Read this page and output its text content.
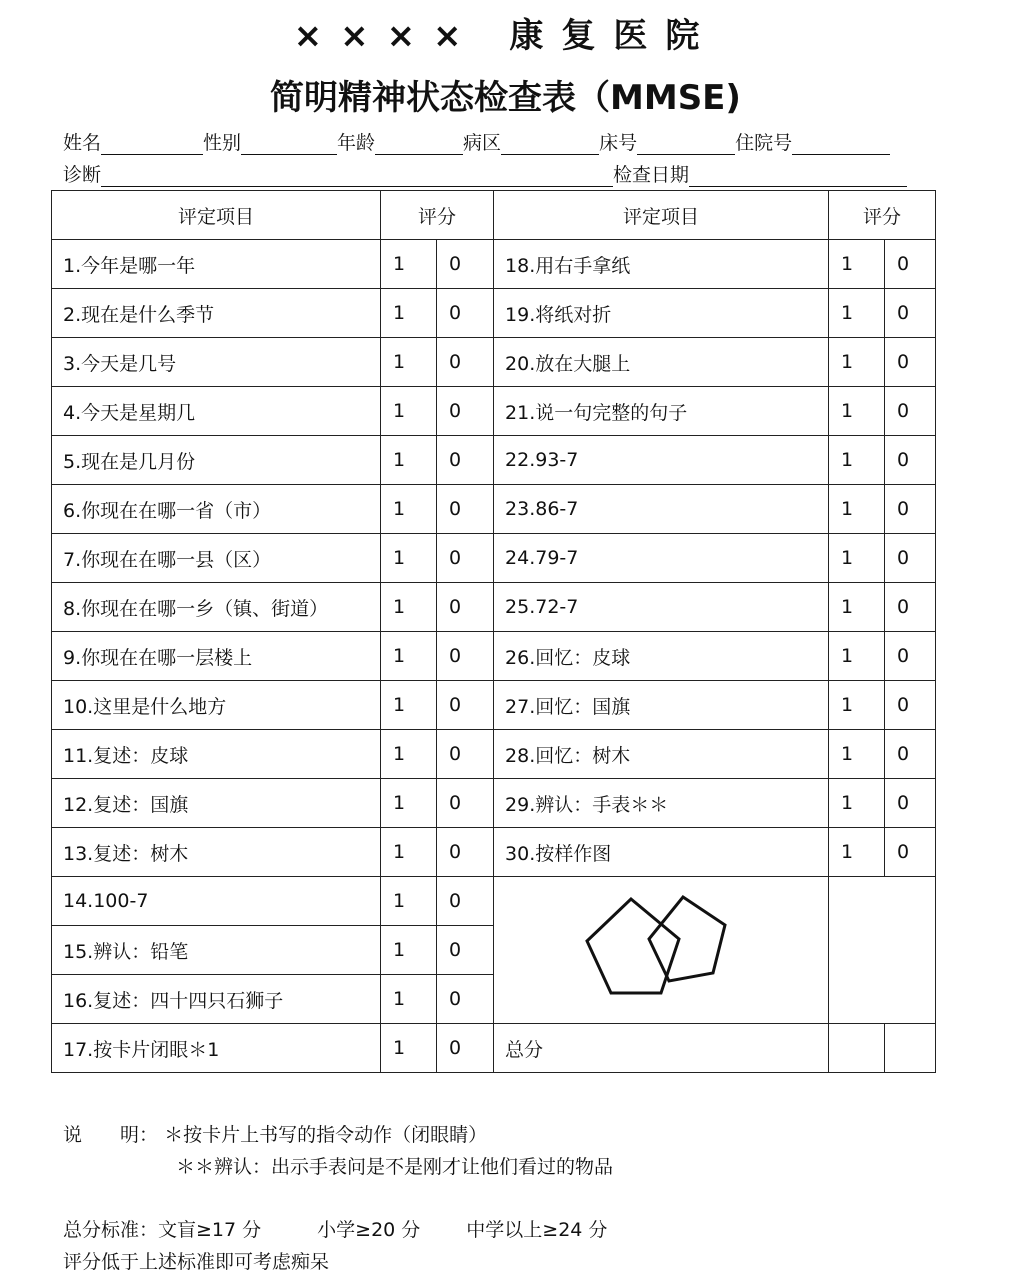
×××× 康复医院
简明精神状态检查表（MMSE)
姓名	性别	年龄	病区	床号	住院号
诊断	检查日期
评定项目	评分		评定项目	评分	
1.今年是哪一年	1	0	18.用右手拿纸	1	0
2.现在是什么季节	1	0	19.将纸对折	1	0
3.今天是几号	1	0	20.放在大腿上	1	0
4.今天是星期几	1	0	21.说一句完整的句子	1	0
5.现在是几月份	1	0	22.93-7	1	0
6.你现在在哪一省（市）	1	0	23.86-7	1	0
7.你现在在哪一县（区）	1	0	24.79-7	1	0
8.你现在在哪一乡（镇、街道）	1	0	25.72-7	1	0
9.你现在在哪一层楼上	1	0	26.回忆：皮球	1	0
10.这里是什么地方	1	0	27.回忆：国旗	1	0
11.复述：皮球	1	0	28.回忆：树木	1	0
12.复述：国旗	1	0	29.辨认：手表＊＊	1	0
13.复述：树木	1	0	30.按样作图	1	0
14.100-7	1	0		
15.辨认：铅笔	1	0			
16.复述：四十四只石狮子	1	0			
17.按卡片闭眼＊1	1	0	总分		
说　　明： ＊按卡片上书写的指令动作（闭眼睛）
＊＊辨认：出示手表问是不是刚才让他们看过的物品
总分标准：文盲≥17 分	小学≥20 分 中学以上≥24 分
评分低于上述标准即可考虑痴呆
